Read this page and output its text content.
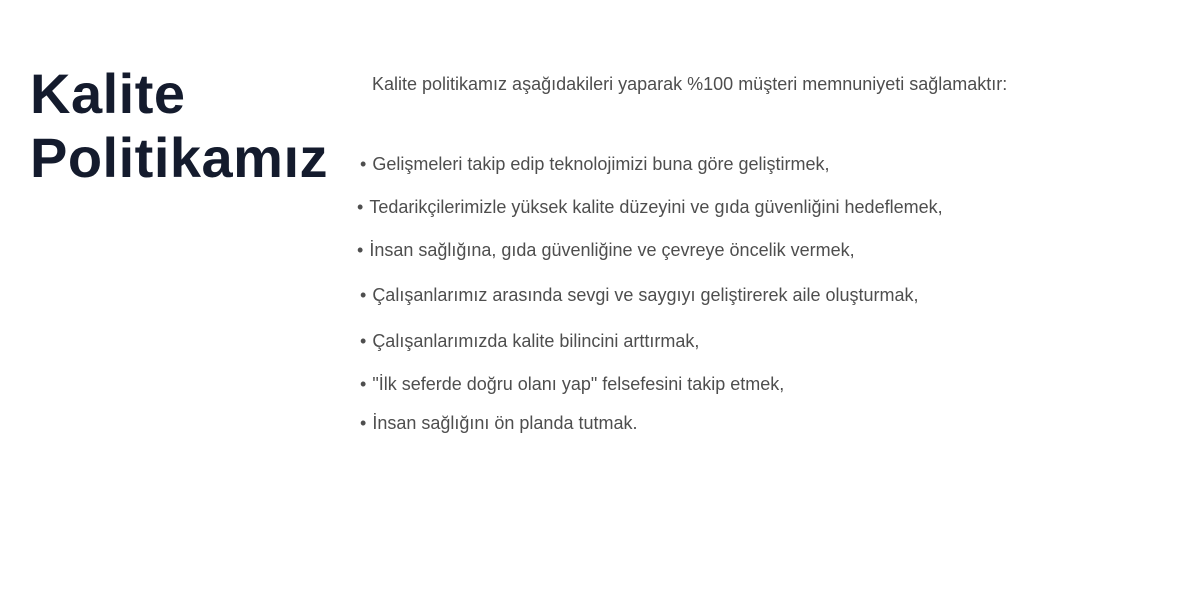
Kalite
Politikamız

Kalite politikamız aşağıdakileri yaparak %100 müşteri memnuniyeti sağlamaktır:

• Gelişmeleri takip edip teknolojimizi buna göre geliştirmek,

• Tedarikçilerimizle yüksek kalite düzeyini ve gıda güvenliğini hedeflemek,

• İnsan sağlığına, gıda güvenliğine ve çevreye öncelik vermek,

• Çalışanlarımız arasında sevgi ve saygıyı geliştirerek aile oluşturmak,

• Çalışanlarımızda kalite bilincini arttırmak,

• "İlk seferde doğru olanı yap" felsefesini takip etmek,

• İnsan sağlığını ön planda tutmak.
